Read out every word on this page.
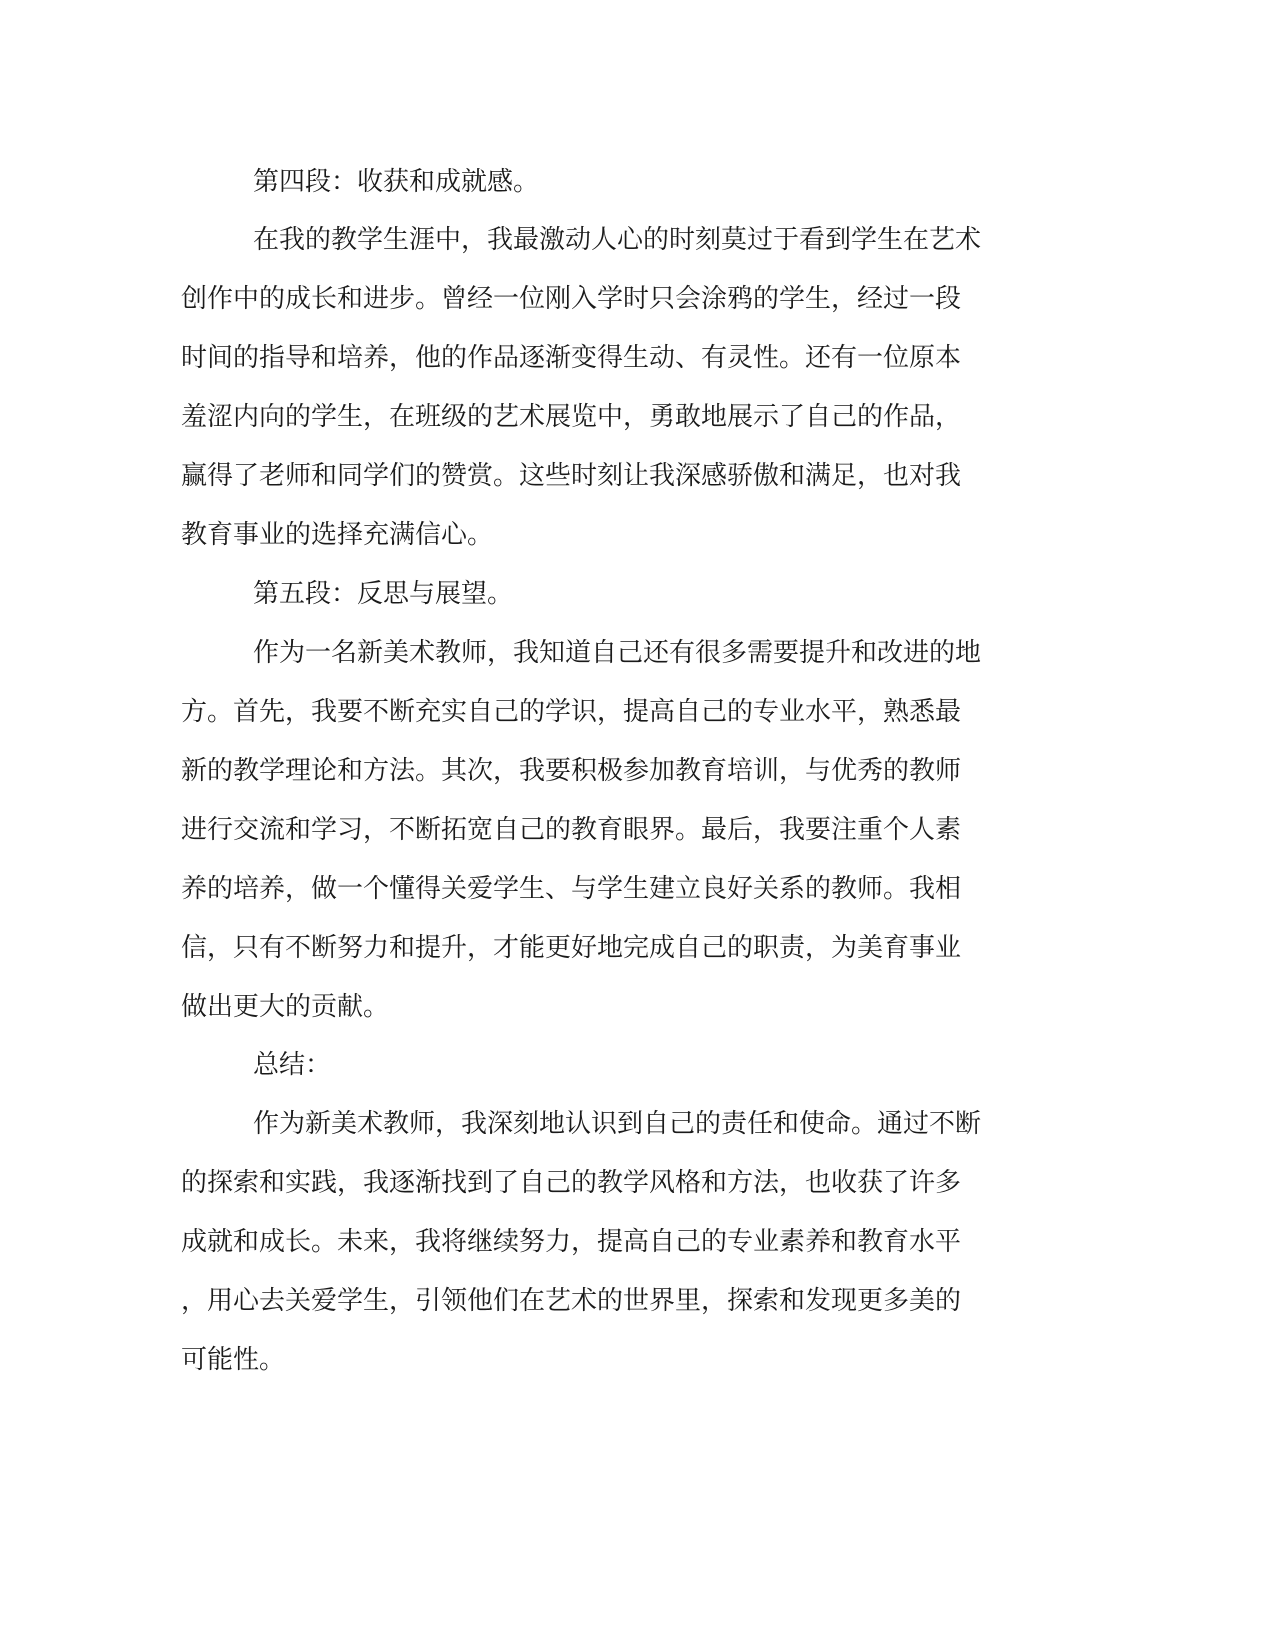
第四段：收获和成就感。

在我的教学生涯中，我最激动人心的时刻莫过于看到学生在艺术

创作中的成长和进步。曾经一位刚入学时只会涂鸦的学生，经过一段

时间的指导和培养，他的作品逐渐变得生动、有灵性。还有一位原本

羞涩内向的学生，在班级的艺术展览中，勇敢地展示了自己的作品，

赢得了老师和同学们的赞赏。这些时刻让我深感骄傲和满足，也对我

教育事业的选择充满信心。

第五段：反思与展望。

作为一名新美术教师，我知道自己还有很多需要提升和改进的地

方。首先，我要不断充实自己的学识，提高自己的专业水平，熟悉最

新的教学理论和方法。其次，我要积极参加教育培训，与优秀的教师

进行交流和学习，不断拓宽自己的教育眼界。最后，我要注重个人素

养的培养，做一个懂得关爱学生、与学生建立良好关系的教师。我相

信，只有不断努力和提升，才能更好地完成自己的职责，为美育事业

做出更大的贡献。

总结：

作为新美术教师，我深刻地认识到自己的责任和使命。通过不断

的探索和实践，我逐渐找到了自己的教学风格和方法，也收获了许多

成就和成长。未来，我将继续努力，提高自己的专业素养和教育水平

，用心去关爱学生，引领他们在艺术的世界里，探索和发现更多美的

可能性。
